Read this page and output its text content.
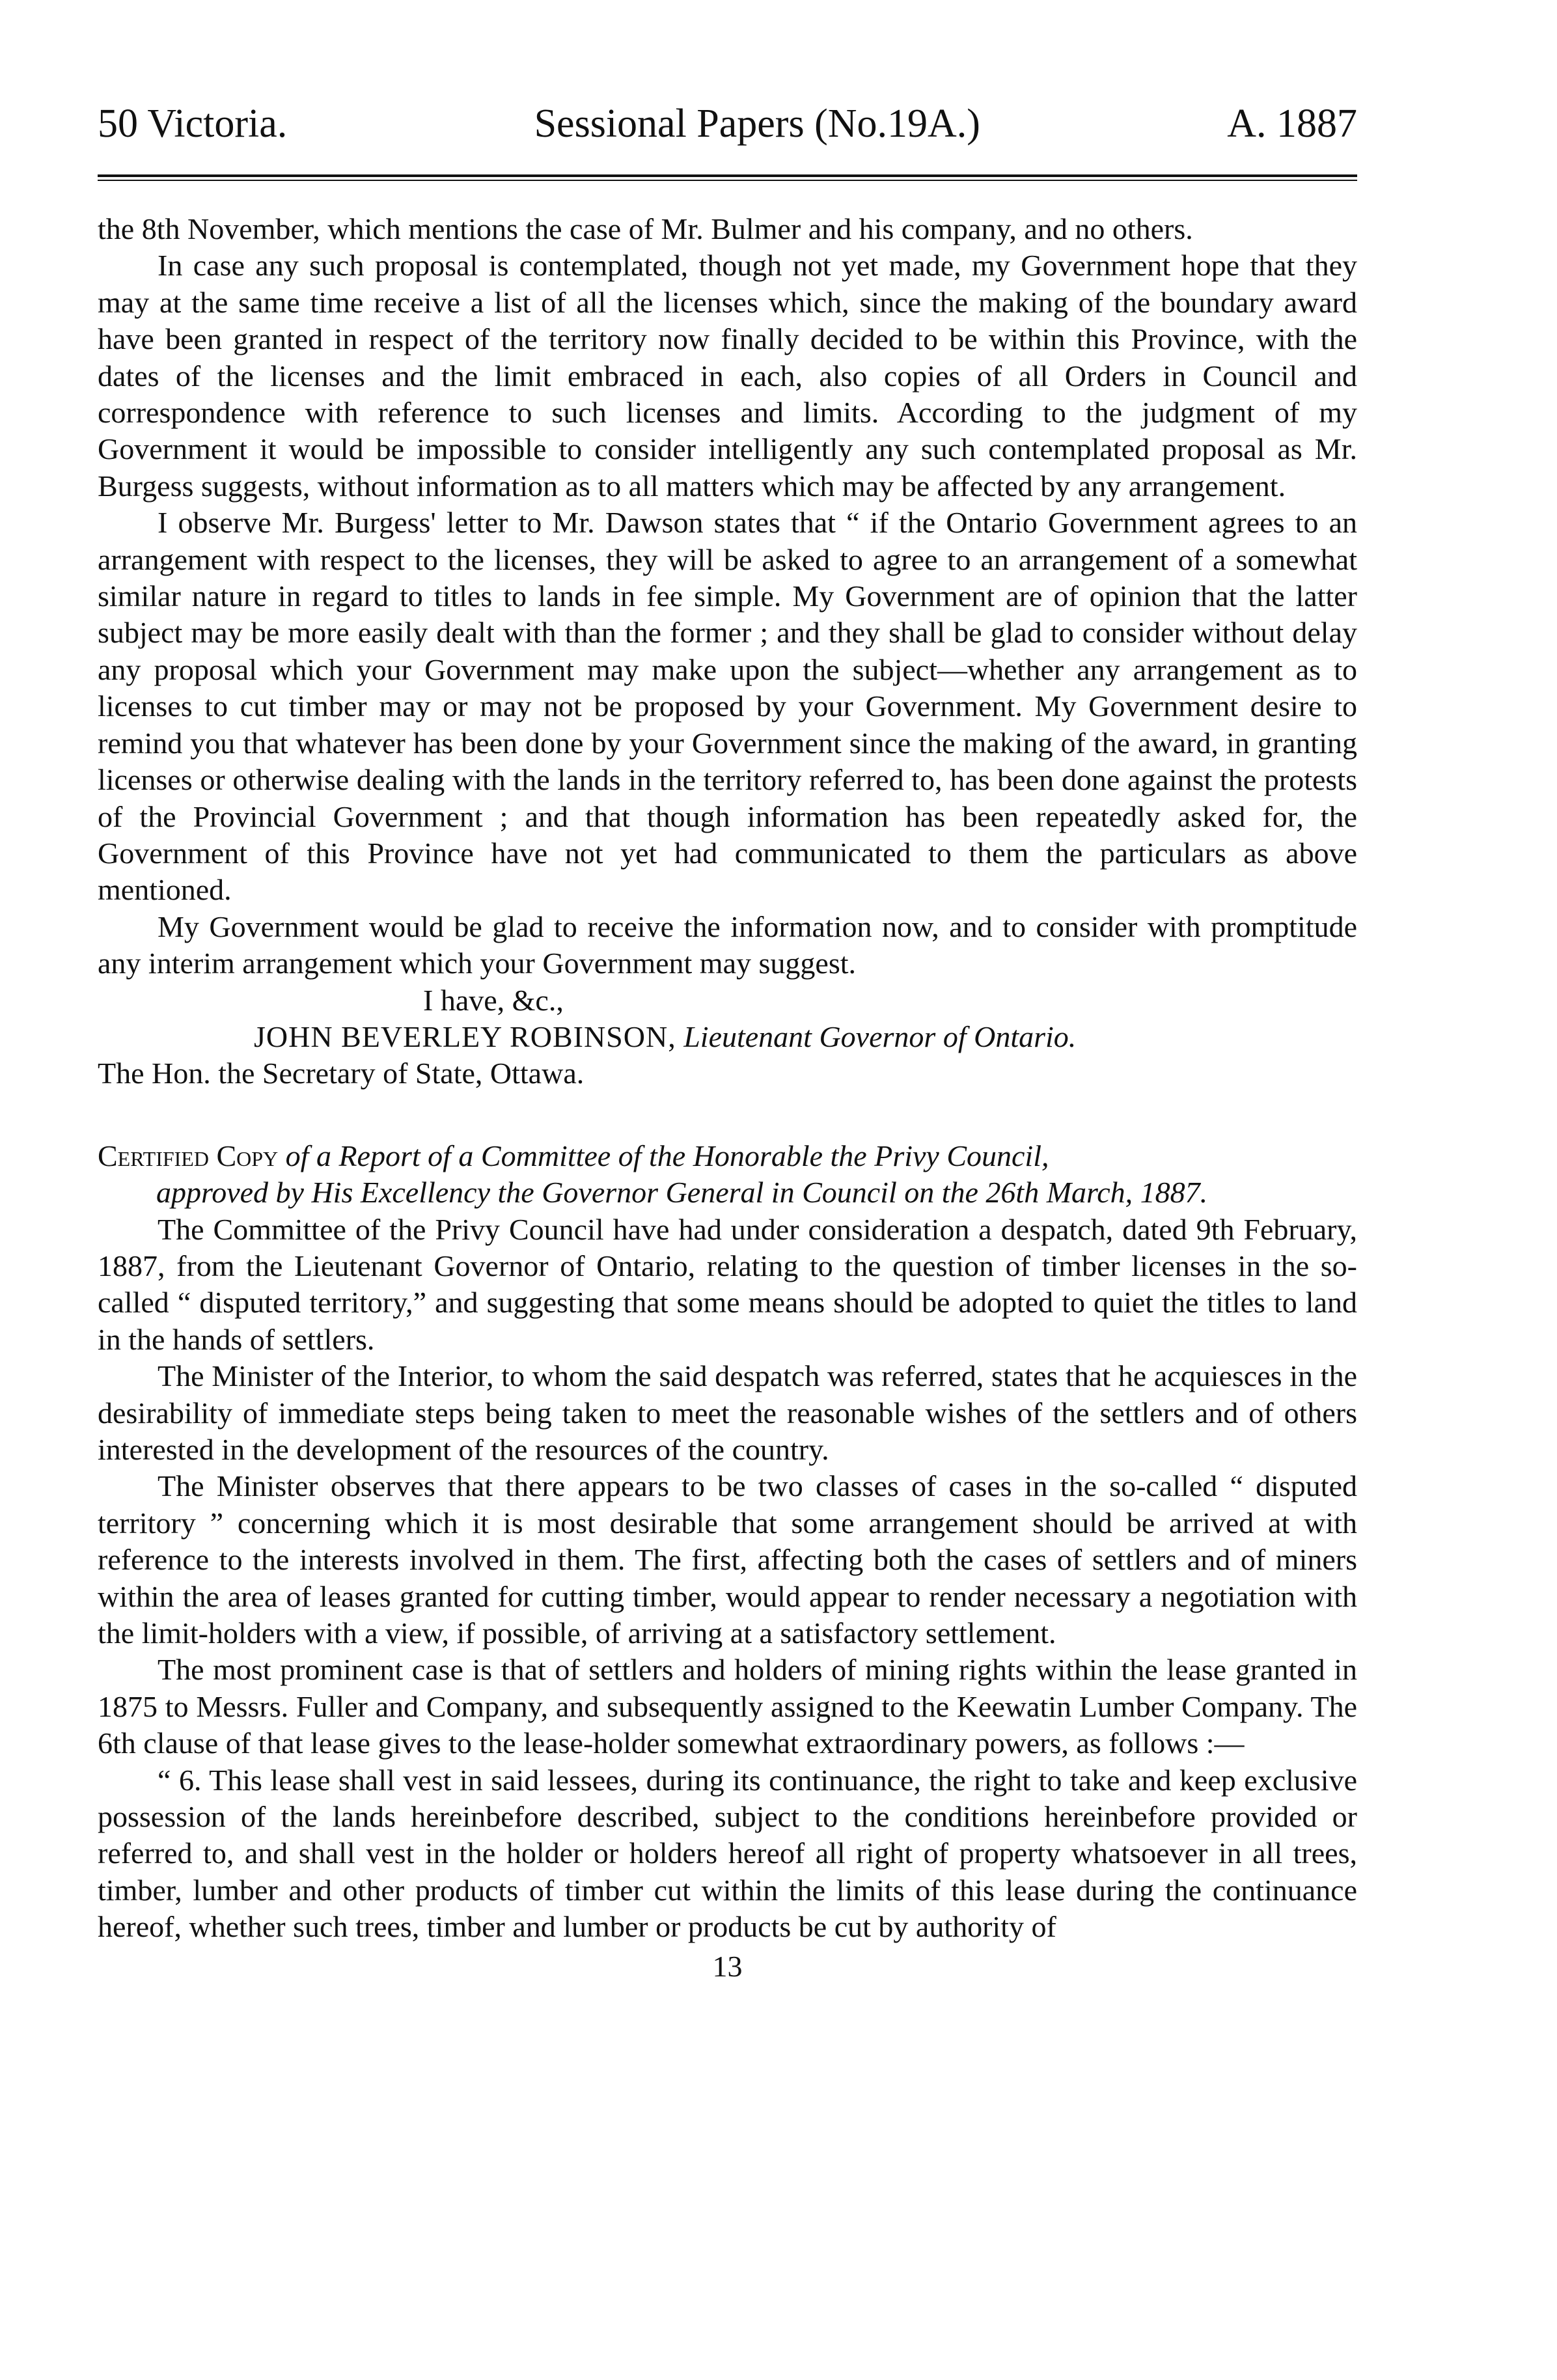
50 Victoria.	Sessional Papers (No.19A.)	A. 1887

the 8th November, which mentions the case of Mr. Bulmer and his company, and no others.

In case any such proposal is contemplated, though not yet made, my Government hope that they may at the same time receive a list of all the licenses which, since the making of the boundary award have been granted in respect of the territory now finally decided to be within this Province, with the dates of the licenses and the limit embraced in each, also copies of all Orders in Council and correspondence with reference to such licenses and limits. According to the judgment of my Government it would be impossible to consider intelligently any such contemplated proposal as Mr. Burgess suggests, without information as to all matters which may be affected by any arrangement.

I observe Mr. Burgess' letter to Mr. Dawson states that “ if the Ontario Government agrees to an arrangement with respect to the licenses, they will be asked to agree to an arrangement of a somewhat similar nature in regard to titles to lands in fee simple. My Government are of opinion that the latter subject may be more easily dealt with than the former ; and they shall be glad to consider without delay any proposal which your Government may make upon the subject—whether any arrangement as to licenses to cut timber may or may not be proposed by your Government. My Government desire to remind you that whatever has been done by your Government since the making of the award, in granting licenses or otherwise dealing with the lands in the territory referred to, has been done against the protests of the Provincial Government ; and that though information has been repeatedly asked for, the Government of this Province have not yet had communicated to them the particulars as above mentioned.

My Government would be glad to receive the information now, and to consider with promptitude any interim arrangement which your Government may suggest.

I have, &c.,

JOHN BEVERLEY ROBINSON, Lieutenant Governor of Ontario.

The Hon. the Secretary of State, Ottawa.

Certified Copy of a Report of a Committee of the Honorable the Privy Council,

approved by His Excellency the Governor General in Council on the 26th March, 1887.

The Committee of the Privy Council have had under consideration a despatch, dated 9th February, 1887, from the Lieutenant Governor of Ontario, relating to the question of timber licenses in the so-called “ disputed territory,” and suggesting that some means should be adopted to quiet the titles to land in the hands of settlers.

The Minister of the Interior, to whom the said despatch was referred, states that he acquiesces in the desirability of immediate steps being taken to meet the reasonable wishes of the settlers and of others interested in the development of the resources of the country.

The Minister observes that there appears to be two classes of cases in the so-called “ disputed territory ” concerning which it is most desirable that some arrangement should be arrived at with reference to the interests involved in them. The first, affecting both the cases of settlers and of miners within the area of leases granted for cutting timber, would appear to render necessary a negotiation with the limit-holders with a view, if possible, of arriving at a satisfactory settlement.

The most prominent case is that of settlers and holders of mining rights within the lease granted in 1875 to Messrs. Fuller and Company, and subsequently assigned to the Keewatin Lumber Company. The 6th clause of that lease gives to the lease-holder somewhat extraordinary powers, as follows :—

“ 6. This lease shall vest in said lessees, during its continuance, the right to take and keep exclusive possession of the lands hereinbefore described, subject to the conditions hereinbefore provided or referred to, and shall vest in the holder or holders hereof all right of property whatsoever in all trees, timber, lumber and other products of timber cut within the limits of this lease during the continuance hereof, whether such trees, timber and lumber or products be cut by authority of

13
